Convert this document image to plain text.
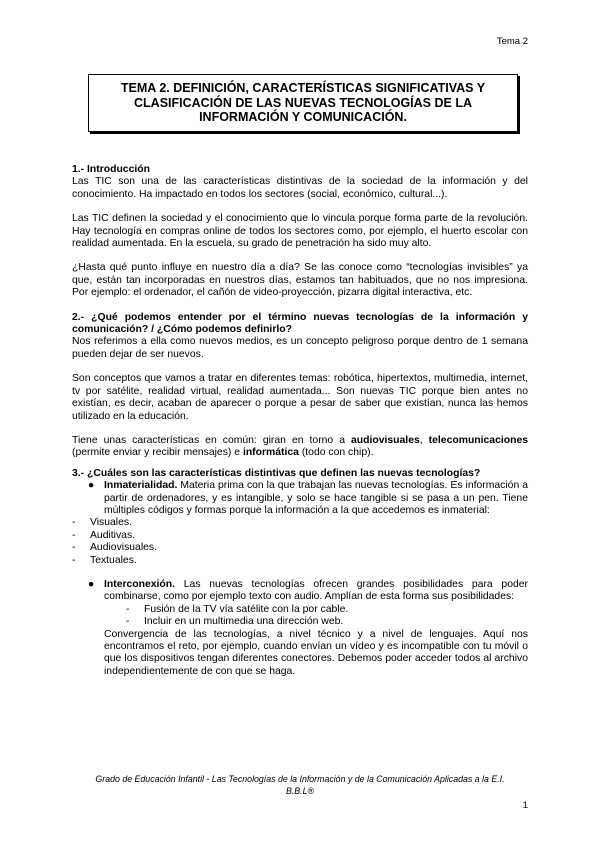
Tema 2

TEMA 2. DEFINICIÓN, CARACTERÍSTICAS SIGNIFICATIVAS Y
CLASIFICACIÓN DE LAS NUEVAS TECNOLOGÍAS DE LA
INFORMACIÓN Y COMUNICACIÓN.

1.- Introducción

Las TIC son una de las características distintivas de la sociedad de la información y del conocimiento. Ha impactado en todos los sectores (social, económico, cultural...).

Las TIC definen la sociedad y el conocimiento que lo vincula porque forma parte de la revolución. Hay tecnología en compras online de todos los sectores como, por ejemplo, el huerto escolar con realidad aumentada. En la escuela, su grado de penetración ha sido muy alto.

¿Hasta qué punto influye en nuestro día a día? Se las conoce como “tecnologías invisibles” ya que, están tan incorporadas en nuestros días, estamos tan habituados, que no nos impresiona. Por ejemplo: el ordenador, el cañón de video-proyección, pizarra digital interactiva, etc.

2.- ¿Qué podemos entender por el término nuevas tecnologías de la información y comunicación? / ¿Cómo podemos definirlo?

Nos referimos a ella como nuevos medios, es un concepto peligroso porque dentro de 1 semana pueden dejar de ser nuevos.

Son conceptos que vamos a tratar en diferentes temas: robótica, hipertextos, multimedia, internet, tv por satélite, realidad virtual, realidad aumentada... Son nuevas TIC porque bien antes no existían, es decir, acaban de aparecer o porque a pesar de saber que existían, nunca las hemos utilizado en la educación.

Tiene unas características en común: giran en torno a audiovisuales, telecomunicaciones (permite enviar y recibir mensajes) e informática (todo con chip).

3.- ¿Cuáles son las características distintivas que definen las nuevas tecnologías?

● Inmaterialidad. Materia prima con la que trabajan las nuevas tecnologías. Es información a partir de ordenadores, y es intangible, y solo se hace tangible si se pasa a un pen. Tiene múltiples códigos y formas porque la información a la que accedemos es inmaterial:
-	Visuales.
-	Auditivas.
-	Audiovisuales.
-	Textuales.
● Interconexión. Las nuevas tecnologías ofrecen grandes posibilidades para poder combinarse, como por ejemplo texto con audio. Amplían de esta forma sus posibilidades:
-	Fusión de la TV vía satélite con la por cable.
-	Incluir en un multimedia una dirección web.

Convergencia de las tecnologías, a nivel técnico y a nivel de lenguajes. Aquí nos encontramos el reto, por ejemplo, cuando envían un vídeo y es incompatible con tu móvil o que los dispositivos tengan diferentes conectores. Debemos poder acceder todos al archivo independientemente de con que se haga.

Grado de Educación Infantil - Las Tecnologías de la Información y de la Comunicación Aplicadas a la E.I.
B.B.L®
1
